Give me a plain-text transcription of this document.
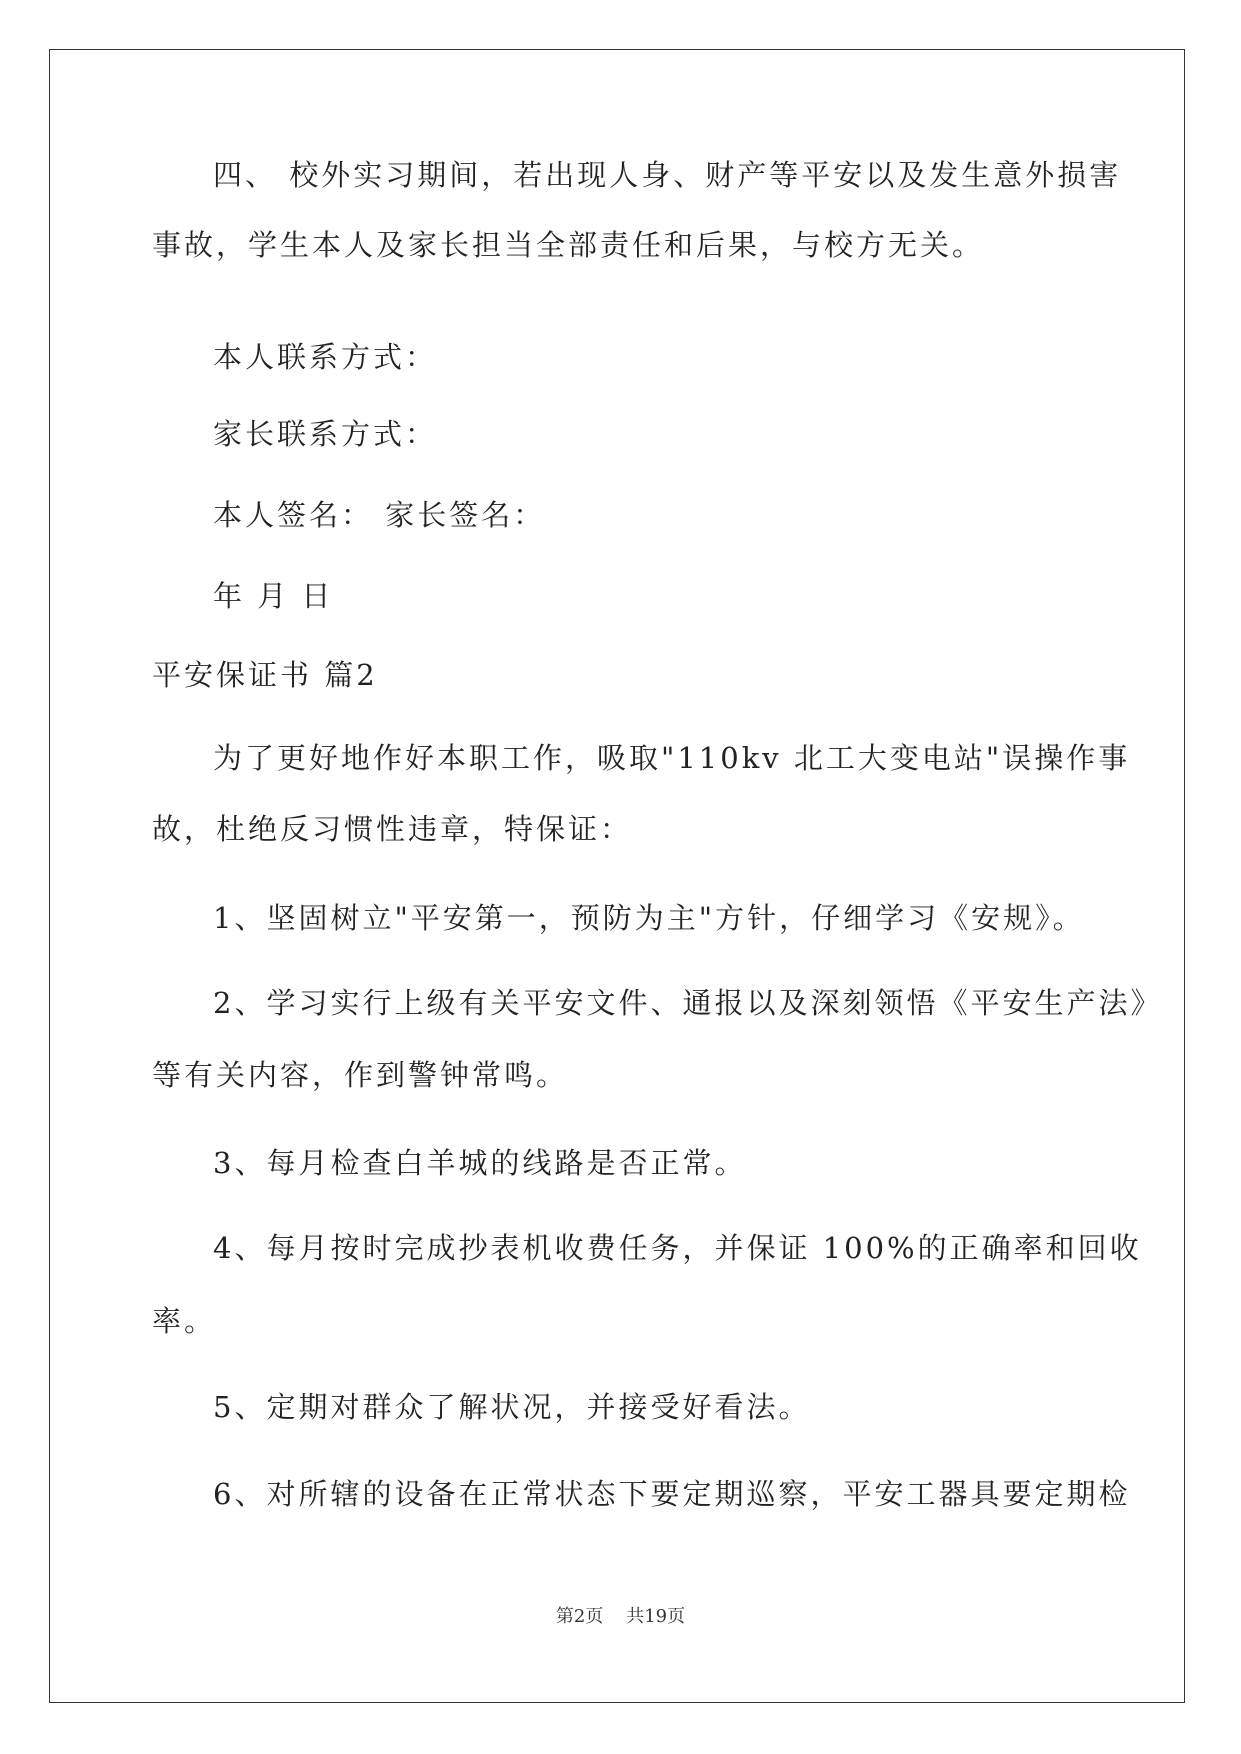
四、 校外实习期间，若出现人身、财产等平安以及发生意外损害
事故，学生本人及家长担当全部责任和后果，与校方无关。
本人联系方式：
家长联系方式：
本人签名： 家长签名：
年 月 日
平安保证书 篇2
为了更好地作好本职工作，吸取"110kv 北工大变电站"误操作事
故，杜绝反习惯性违章，特保证：
1、坚固树立"平安第一，预防为主"方针，仔细学习《安规》。
2、学习实行上级有关平安文件、通报以及深刻领悟《平安生产法》
等有关内容，作到警钟常鸣。
3、每月检查白羊城的线路是否正常。
4、每月按时完成抄表机收费任务，并保证 100%的正确率和回收
率。
5、定期对群众了解状况，并接受好看法。
6、对所辖的设备在正常状态下要定期巡察，平安工器具要定期检
第2页    共19页
